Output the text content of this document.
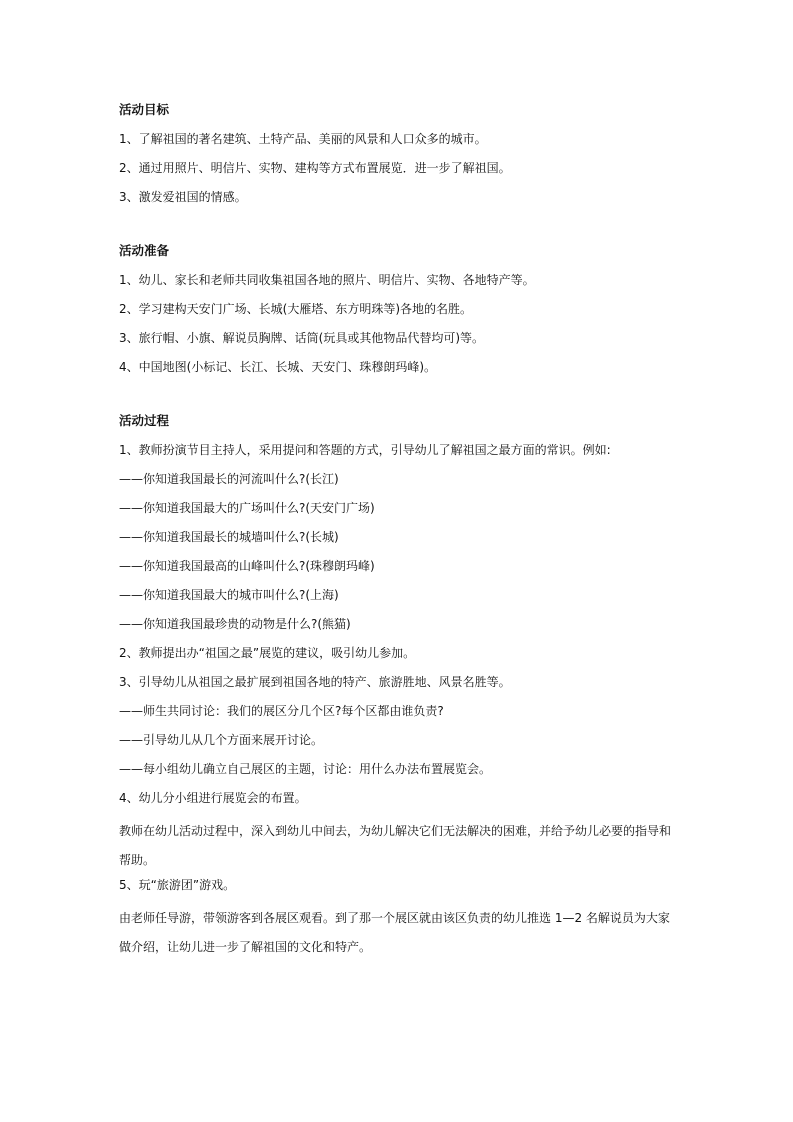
活动目标

1、了解祖国的著名建筑、土特产品、美丽的风景和人口众多的城市。

2、通过用照片、明信片、实物、建构等方式布置展览．进一步了解祖国。

3、激发爱祖国的情感。

活动准备

1、幼儿、家长和老师共同收集祖国各地的照片、明信片、实物、各地特产等。

2、学习建构天安门广场、长城(大雁塔、东方明珠等)各地的名胜。

3、旅行帽、小旗、解说员胸牌、话筒(玩具或其他物品代替均可)等。

4、中国地图(小标记、长江、长城、天安门、珠穆朗玛峰)。

活动过程

1、教师扮演节目主持人，采用提问和答题的方式，引导幼儿了解祖国之最方面的常识。例如:

——你知道我国最长的河流叫什么?(长江)

——你知道我国最大的广场叫什么?(天安门广场)

——你知道我国最长的城墙叫什么?(长城)

——你知道我国最高的山峰叫什么?(珠穆朗玛峰)

——你知道我国最大的城市叫什么?(上海)

——你知道我国最珍贵的动物是什么?(熊猫)

2、教师提出办“祖国之最”展览的建议，吸引幼儿参加。

3、引导幼儿从祖国之最扩展到祖国各地的特产、旅游胜地、风景名胜等。

——师生共同讨论：我们的展区分几个区?每个区都由谁负责?

——引导幼儿从几个方面来展开讨论。

——每小组幼儿确立自己展区的主题，讨论：用什么办法布置展览会。

4、幼儿分小组进行展览会的布置。

教师在幼儿活动过程中，深入到幼儿中间去，为幼儿解决它们无法解决的困难，并给予幼儿必要的指导和帮助。

5、玩“旅游团”游戏。

由老师任导游，带领游客到各展区观看。到了那一个展区就由该区负责的幼儿推选 1—2 名解说员为大家做介绍，让幼儿进一步了解祖国的文化和特产。
